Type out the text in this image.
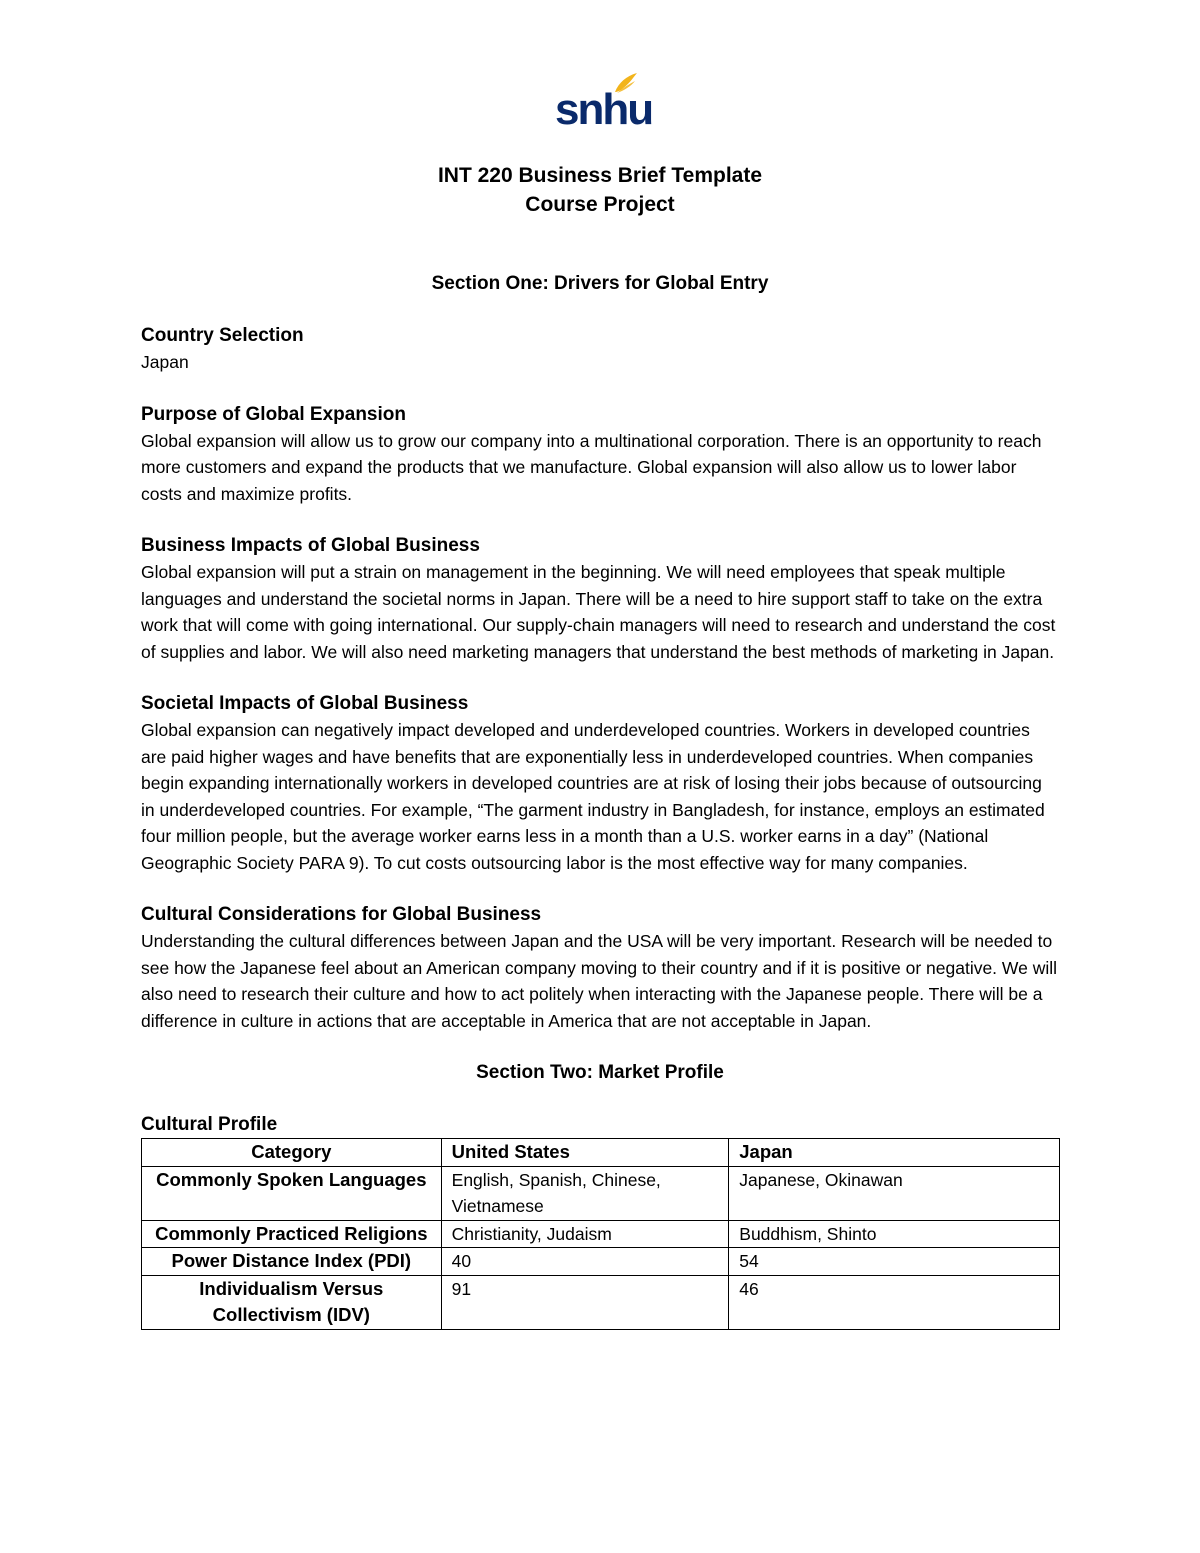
snhu
INT 220 Business Brief Template
Course Project
Section One: Drivers for Global Entry
Country Selection
Japan
Purpose of Global Expansion
Global expansion will allow us to grow our company into a multinational corporation. There is an opportunity to reach more customers and expand the products that we manufacture. Global expansion will also allow us to lower labor costs and maximize profits.
Business Impacts of Global Business
Global expansion will put a strain on management in the beginning. We will need employees that speak multiple languages and understand the societal norms in Japan. There will be a need to hire support staff to take on the extra work that will come with going international. Our supply-chain managers will need to research and understand the cost of supplies and labor. We will also need marketing managers that understand the best methods of marketing in Japan.
Societal Impacts of Global Business
Global expansion can negatively impact developed and underdeveloped countries. Workers in developed countries are paid higher wages and have benefits that are exponentially less in underdeveloped countries. When companies begin expanding internationally workers in developed countries are at risk of losing their jobs because of outsourcing in underdeveloped countries. For example, “The garment industry in Bangladesh, for instance, employs an estimated four million people, but the average worker earns less in a month than a U.S. worker earns in a day” (National Geographic Society PARA 9). To cut costs outsourcing labor is the most effective way for many companies.
Cultural Considerations for Global Business
Understanding the cultural differences between Japan and the USA will be very important. Research will be needed to see how the Japanese feel about an American company moving to their country and if it is positive or negative. We will also need to research their culture and how to act politely when interacting with the Japanese people. There will be a difference in culture in actions that are acceptable in America that are not acceptable in Japan.
Section Two: Market Profile
Cultural Profile
Category	United States	Japan
Commonly Spoken Languages	English, Spanish, Chinese, Vietnamese	Japanese, Okinawan
Commonly Practiced Religions	Christianity, Judaism	Buddhism, Shinto
Power Distance Index (PDI)	40	54
Individualism Versus Collectivism (IDV)	91	46
